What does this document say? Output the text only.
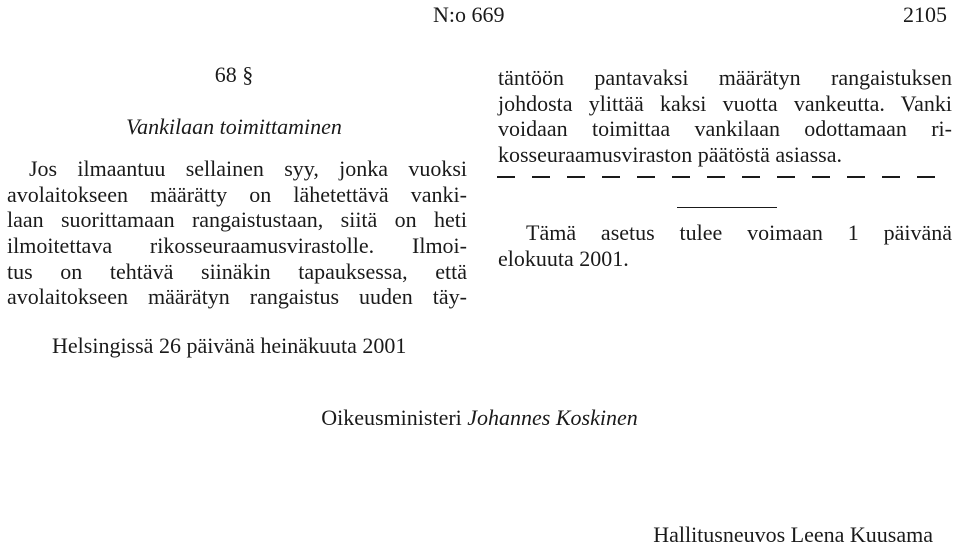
N:o 669	2105
68 §
Vankilaan toimittaminen
Jos ilmaantuu sellainen syy, jonka vuoksi
avolaitokseen määrätty on lähetettävä vanki-
laan suorittamaan rangaistustaan, siitä on heti
ilmoitettava rikosseuraamusvirastolle. Ilmoi-
tus on tehtävä siinäkin tapauksessa, että
avolaitokseen määrätyn rangaistus uuden täy-
täntöön pantavaksi määrätyn rangaistuksen
johdosta ylittää kaksi vuotta vankeutta. Vanki
voidaan toimittaa vankilaan odottamaan ri-
kosseuraamusviraston päätöstä asiassa.
Tämä asetus tulee voimaan 1 päivänä
elokuuta 2001.
Helsingissä 26 päivänä heinäkuuta 2001
Oikeusministeri Johannes Koskinen
Hallitusneuvos Leena Kuusama
